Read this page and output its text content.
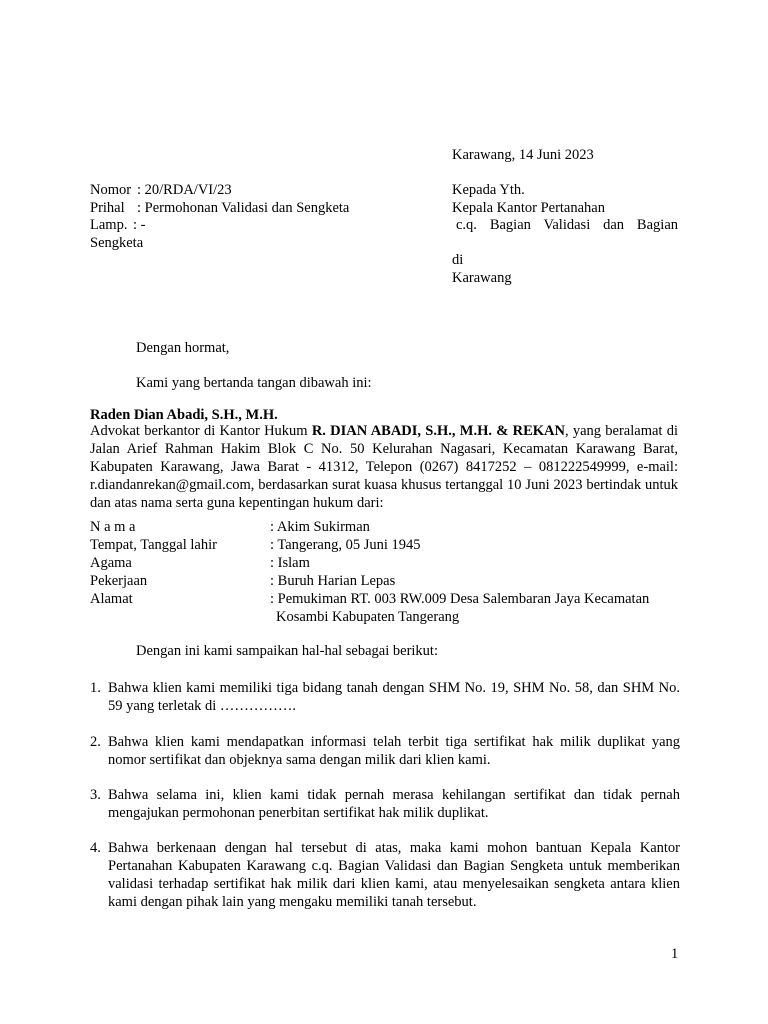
Karawang, 14 Juni 2023
Nomor : 20/RDA/VI/23
Prihal : Permohonan Validasi dan Sengketa
Lamp. : -
Sengketa
Kepada Yth.
Kepala Kantor Pertanahan
c.q. Bagian Validasi dan Bagian
di
Karawang
Dengan hormat,
Kami yang bertanda tangan dibawah ini:
Raden Dian Abadi, S.H., M.H.
Advokat berkantor di Kantor Hukum R. DIAN ABADI, S.H., M.H. & REKAN, yang beralamat di Jalan Arief Rahman Hakim Blok C No. 50 Kelurahan Nagasari, Kecamatan Karawang Barat, Kabupaten Karawang, Jawa Barat - 41312, Telepon (0267) 8417252 – 081222549999, e-mail: r.diandanrekan@gmail.com, berdasarkan surat kuasa khusus tertanggal 10 Juni 2023 bertindak untuk dan atas nama serta guna kepentingan hukum dari:
N a m a	: Akim Sukirman
Tempat, Tanggal lahir	: Tangerang, 05 Juni 1945
Agama	: Islam
Pekerjaan	: Buruh Harian Lepas
Alamat	: Pemukiman RT. 003 RW.009 Desa Salembaran Jaya Kecamatan
Kosambi Kabupaten Tangerang
Dengan ini kami sampaikan hal-hal sebagai berikut:
1. Bahwa klien kami memiliki tiga bidang tanah dengan SHM No. 19, SHM No. 58, dan SHM No. 59 yang terletak di …………….
2. Bahwa klien kami mendapatkan informasi telah terbit tiga sertifikat hak milik duplikat yang nomor sertifikat dan objeknya sama dengan milik dari klien kami.
3. Bahwa selama ini, klien kami tidak pernah merasa kehilangan sertifikat dan tidak pernah mengajukan permohonan penerbitan sertifikat hak milik duplikat.
4. Bahwa berkenaan dengan hal tersebut di atas, maka kami mohon bantuan Kepala Kantor Pertanahan Kabupaten Karawang c.q. Bagian Validasi dan Bagian Sengketa untuk memberikan validasi terhadap sertifikat hak milik dari klien kami, atau menyelesaikan sengketa antara klien kami dengan pihak lain yang mengaku memiliki tanah tersebut.
1
